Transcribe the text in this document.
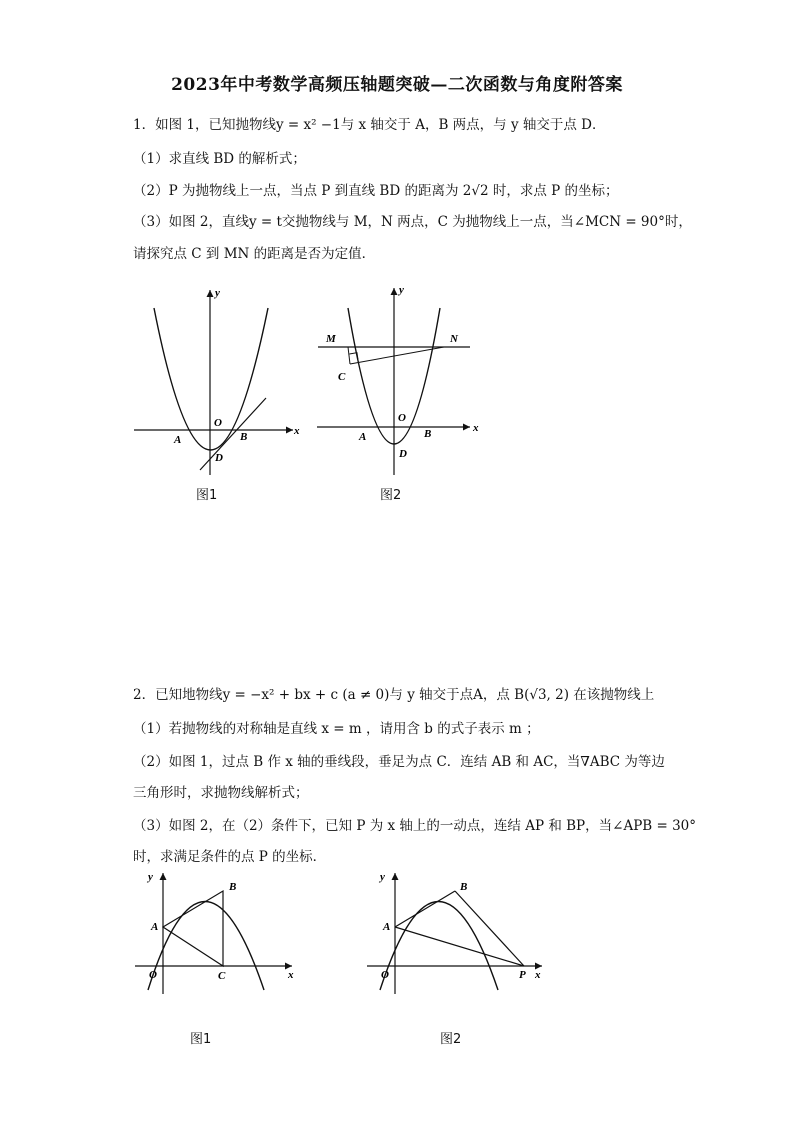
2023年中考数学高频压轴题突破—二次函数与角度附答案
1．如图 1，已知抛物线y = x² −1与 x 轴交于 A，B 两点，与 y 轴交于点 D．
（1）求直线 BD 的解析式；
（2）P 为抛物线上一点，当点 P 到直线 BD 的距离为 2√2 时，求点 P 的坐标；
（3）如图 2，直线y = t交抛物线与 M，N 两点，C 为抛物线上一点，当∠MCN = 90°时，
请探究点 C 到 MN 的距离是否为定值．
y
x
O
A	B
D
图1
y
x
O
A	B
D
M	N
C
图2
2．已知地物线y = −x² + bx + c (a ≠ 0)与 y 轴交于点A，点 B(√3, 2) 在该抛物线上
（1）若抛物线的对称轴是直线 x = m ，请用含 b 的式子表示 m ；
（2）如图 1，过点 B 作 x 轴的垂线段，垂足为点 C．连结 AB 和 AC，当∇ABC 为等边
三角形时，求抛物线解析式；
（3）如图 2，在（2）条件下，已知 P 为 x 轴上的一动点，连结 AP 和 BP，当∠APB = 30°
时，求满足条件的点 P 的坐标．
y
x
O
A
B
C
图1
y
x
O
A
B
P
图2
